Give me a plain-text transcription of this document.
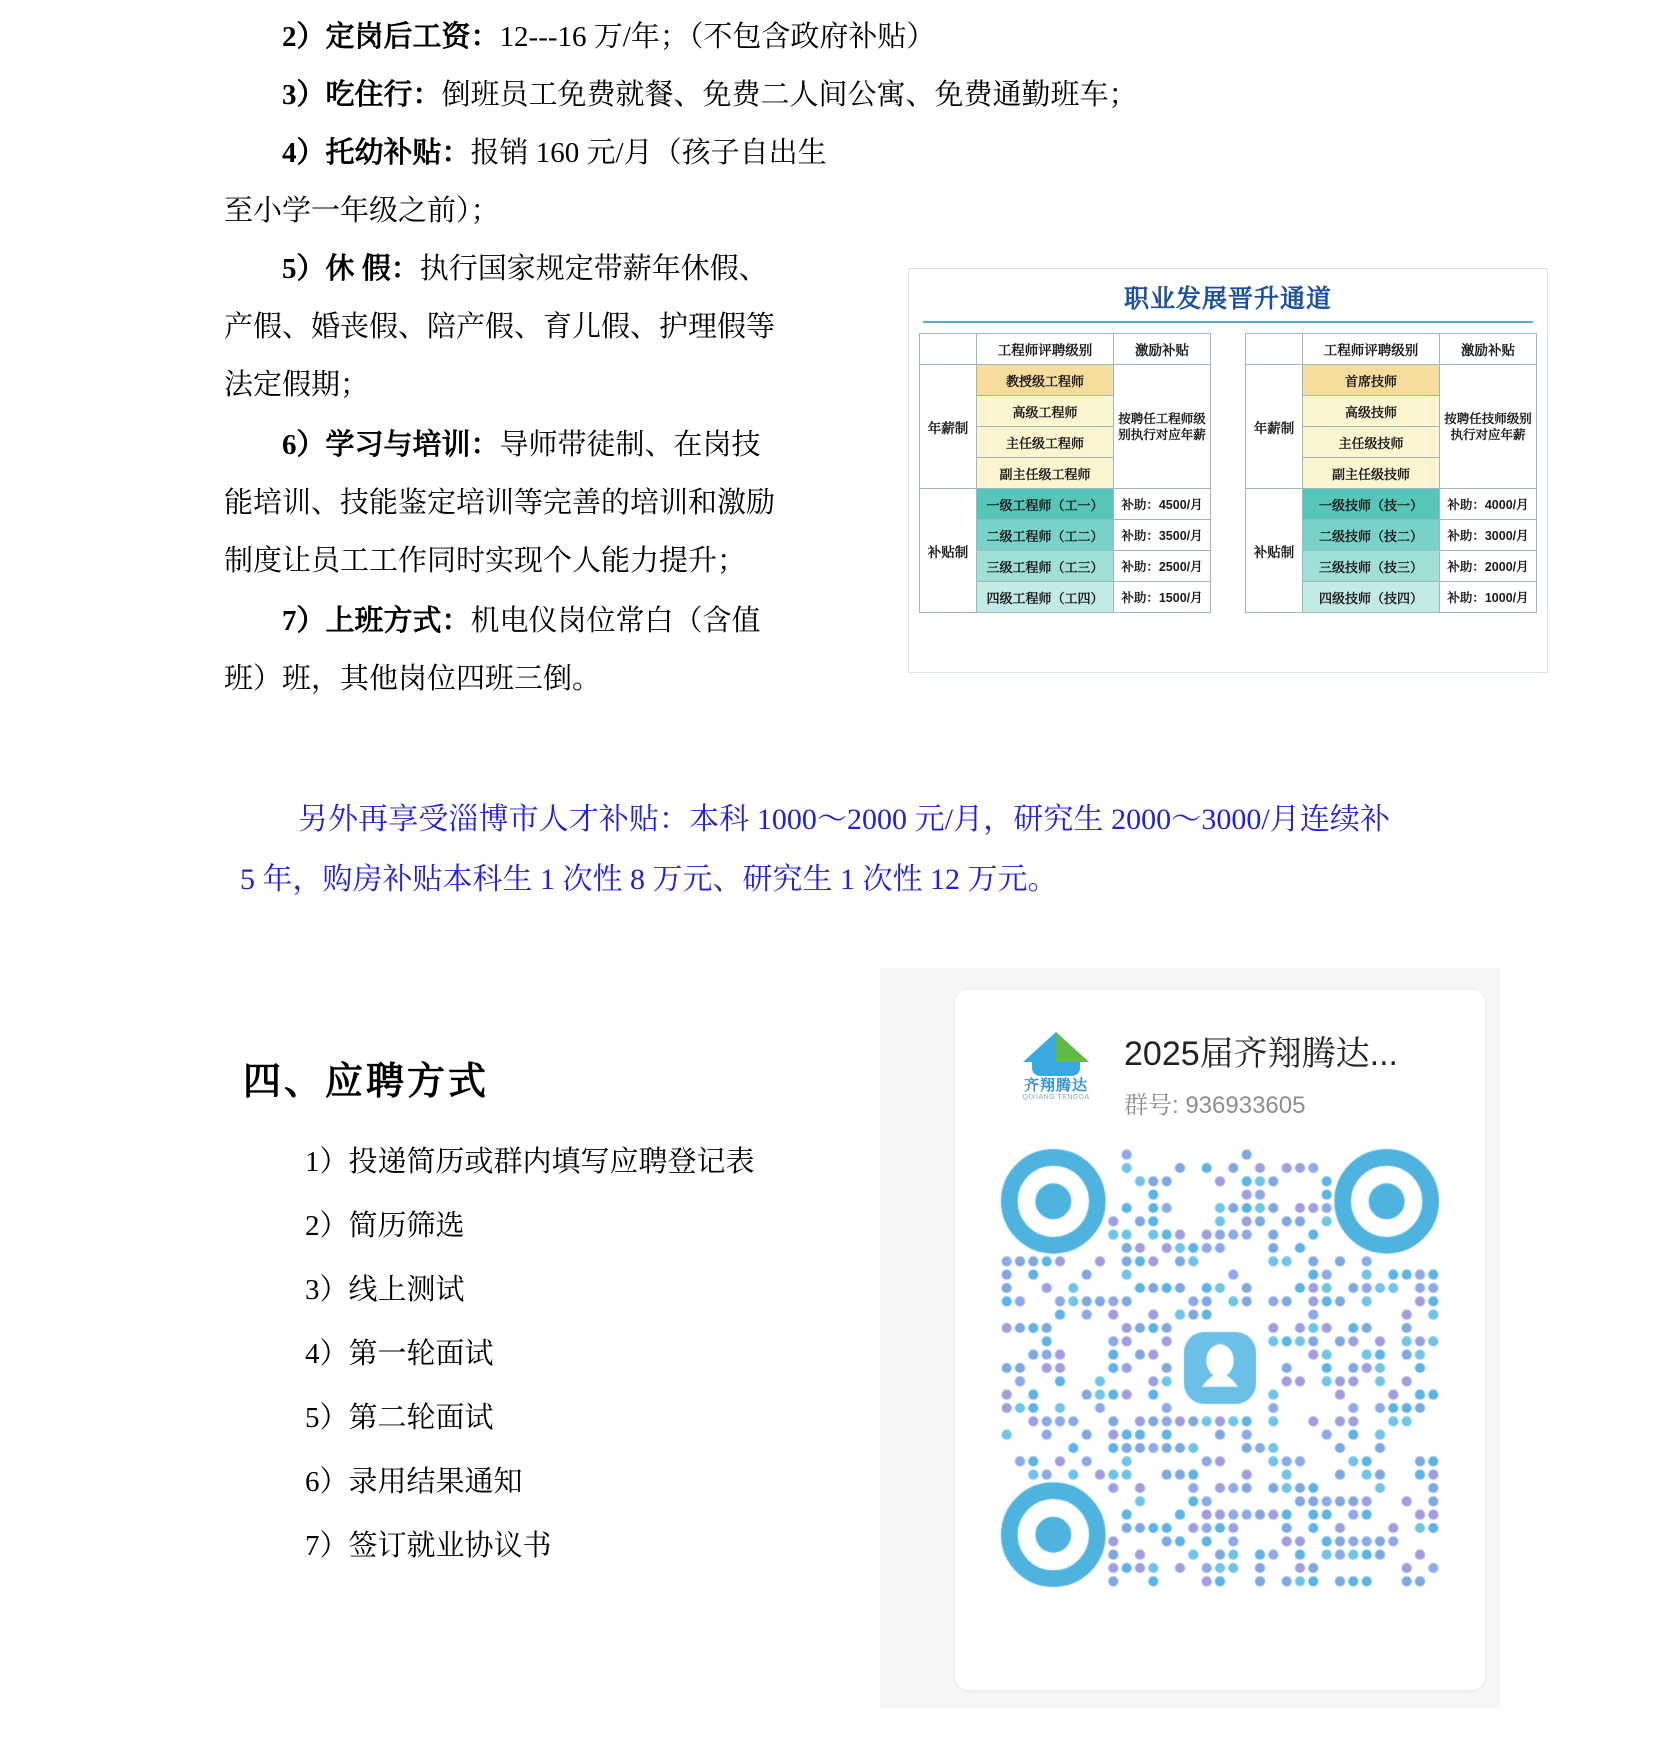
2）定岗后工资：12---16 万/年；（不包含政府补贴）
3）吃住行：倒班员工免费就餐、免费二人间公寓、免费通勤班车；
4）托幼补贴：报销 160 元/月（孩子自出生
至小学一年级之前）；
5）休 假：执行国家规定带薪年休假、
产假、婚丧假、陪产假、育儿假、护理假等
法定假期；
6）学习与培训：导师带徒制、在岗技
能培训、技能鉴定培训等完善的培训和激励
制度让员工工作同时实现个人能力提升；
7）上班方式：机电仪岗位常白（含值
班）班，其他岗位四班三倒。
职业发展晋升通道
	工程师评聘级别	激励补贴
年薪制	教授级工程师	按聘任工程师级别执行对应年薪
	高级工程师	
	主任级工程师	
	副主任级工程师	
补贴制	一级工程师（工一）	补助：4500/月
	二级工程师（工二）	补助：3500/月
	三级工程师（工三）	补助：2500/月
	四级工程师（工四）	补助：1500/月
	工程师评聘级别	激励补贴
年薪制	首席技师	按聘任技师级别执行对应年薪
	高级技师	
	主任级技师	
	副主任级技师	
补贴制	一级技师（技一）	补助：4000/月
	二级技师（技二）	补助：3000/月
	三级技师（技三）	补助：2000/月
	四级技师（技四）	补助：1000/月
另外再享受淄博市人才补贴：本科 1000～2000 元/月，研究生 2000～3000/月连续补 5 年，购房补贴本科生 1 次性 8 万元、研究生 1 次性 12 万元。
四、应聘方式
1）投递简历或群内填写应聘登记表
2）简历筛选
3）线上测试
4）第一轮面试
5）第二轮面试
6）录用结果通知
7）签订就业协议书
齐翔腾达
QIXIANG TENGDA
2025届齐翔腾达...
群号: 936933605
